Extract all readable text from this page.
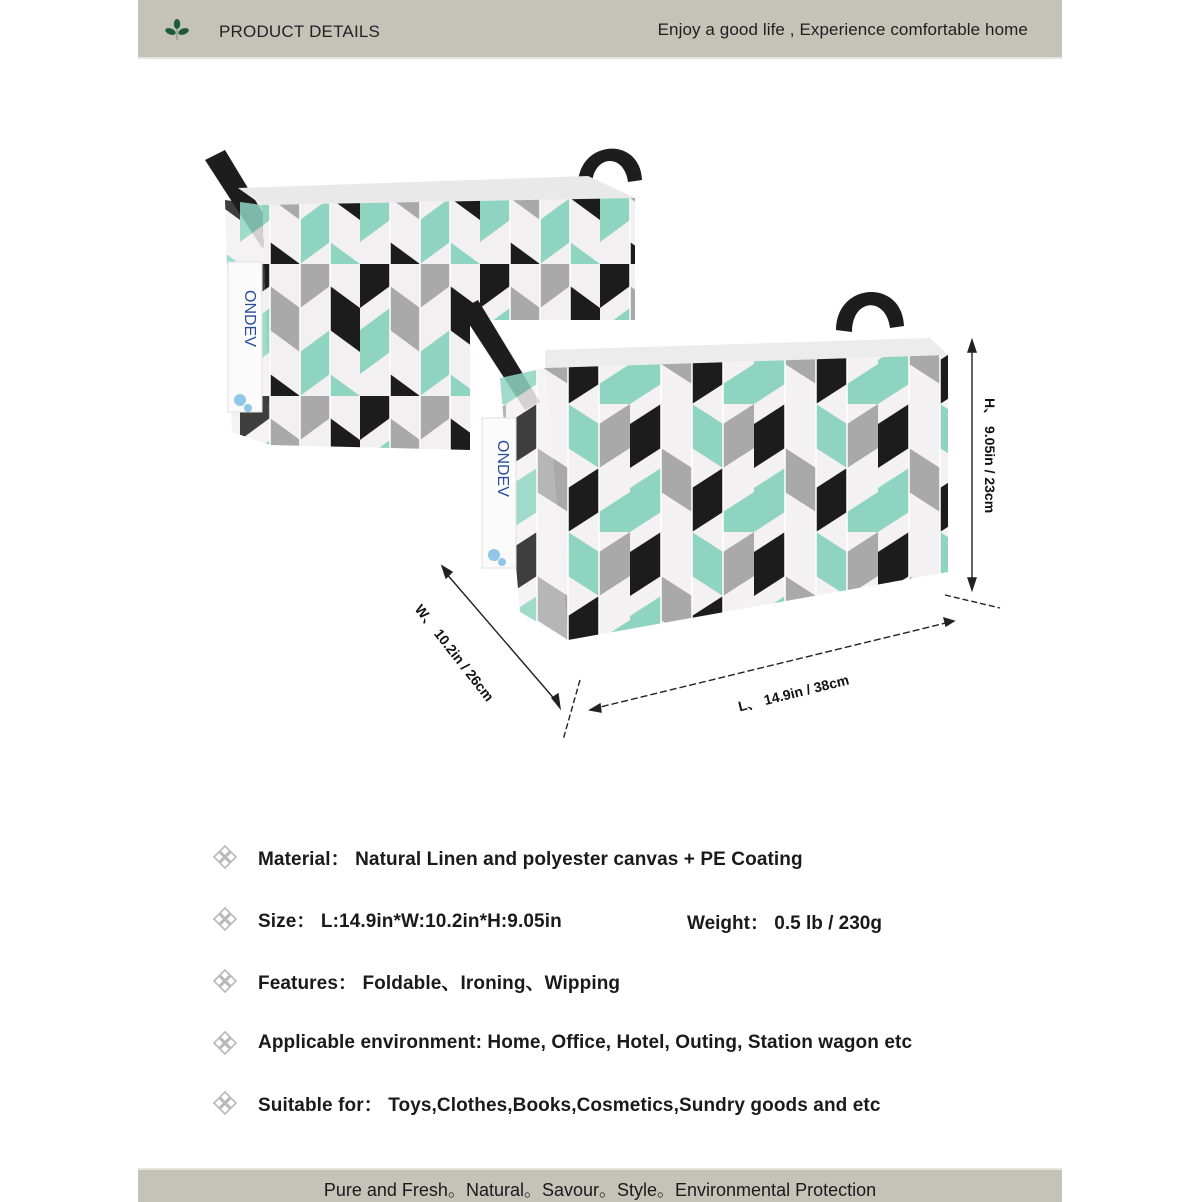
PRODUCT DETAILS	Enjoy a good life , Experience comfortable home
ONDEV
ONDEV	H、 9.05in / 23cm
W、 10.2in / 26cm	L、 14.9in / 38cm
Material： Natural Linen and polyester canvas + PE Coating
Size： L:14.9in*W:10.2in*H:9.05in	Weight： 0.5 lb / 230g
Features： Foldable、Ironing、Wipping
Applicable environment: Home, Office, Hotel, Outing, Station wagon etc
Suitable for： Toys,Clothes,Books,Cosmetics,Sundry goods and etc
Pure and Fresh。Natural。Savour。Style。Environmental Protection
